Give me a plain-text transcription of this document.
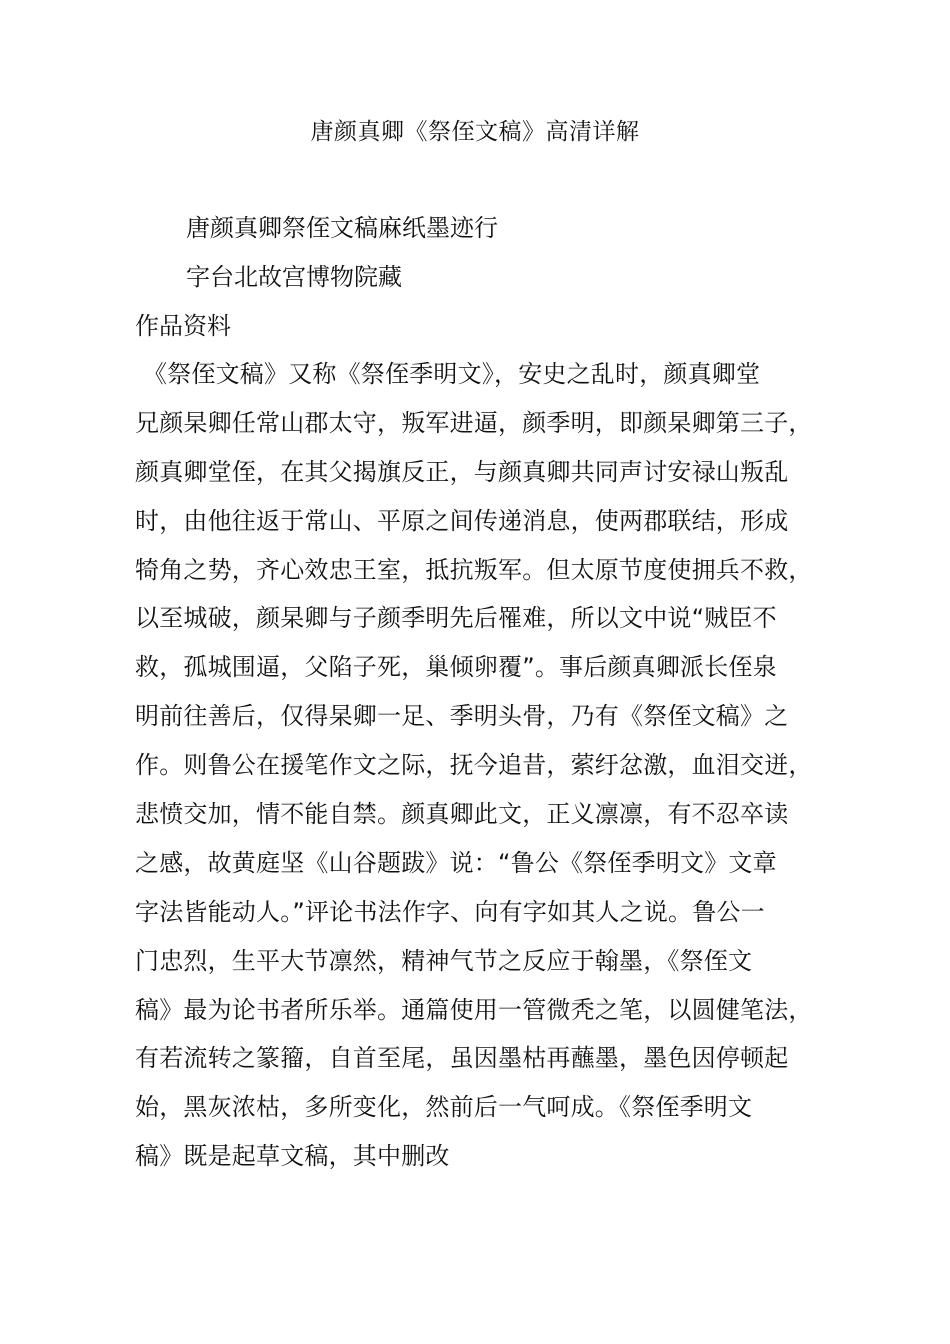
唐颜真卿《祭侄文稿》高清详解
唐颜真卿祭侄文稿麻纸墨迹行
字台北故宫博物院藏
作品资料
《祭侄文稿》又称《祭侄季明文》，安史之乱时，颜真卿堂
兄颜杲卿任常山郡太守，叛军进逼，颜季明，即颜杲卿第三子，
颜真卿堂侄，在其父揭旗反正，与颜真卿共同声讨安禄山叛乱
时，由他往返于常山、平原之间传递消息，使两郡联结，形成
犄角之势，齐心效忠王室，抵抗叛军。但太原节度使拥兵不救，
以至城破，颜杲卿与子颜季明先后罹难，所以文中说“贼臣不
救，孤城围逼，父陷子死，巢倾卵覆”。事后颜真卿派长侄泉
明前往善后，仅得杲卿一足、季明头骨，乃有《祭侄文稿》之
作。则鲁公在援笔作文之际，抚今追昔，萦纡忿激，血泪交迸，
悲愤交加，情不能自禁。颜真卿此文，正义凛凛，有不忍卒读
之感，故黄庭坚《山谷题跋》说：“鲁公《祭侄季明文》文章
字法皆能动人。”评论书法作字、向有字如其人之说。鲁公一
门忠烈，生平大节凛然，精神气节之反应于翰墨，《祭侄文
稿》最为论书者所乐举。通篇使用一管微秃之笔，以圆健笔法，
有若流转之篆籀，自首至尾，虽因墨枯再蘸墨，墨色因停顿起
始，黑灰浓枯，多所变化，然前后一气呵成。《祭侄季明文
稿》既是起草文稿，其中删改
